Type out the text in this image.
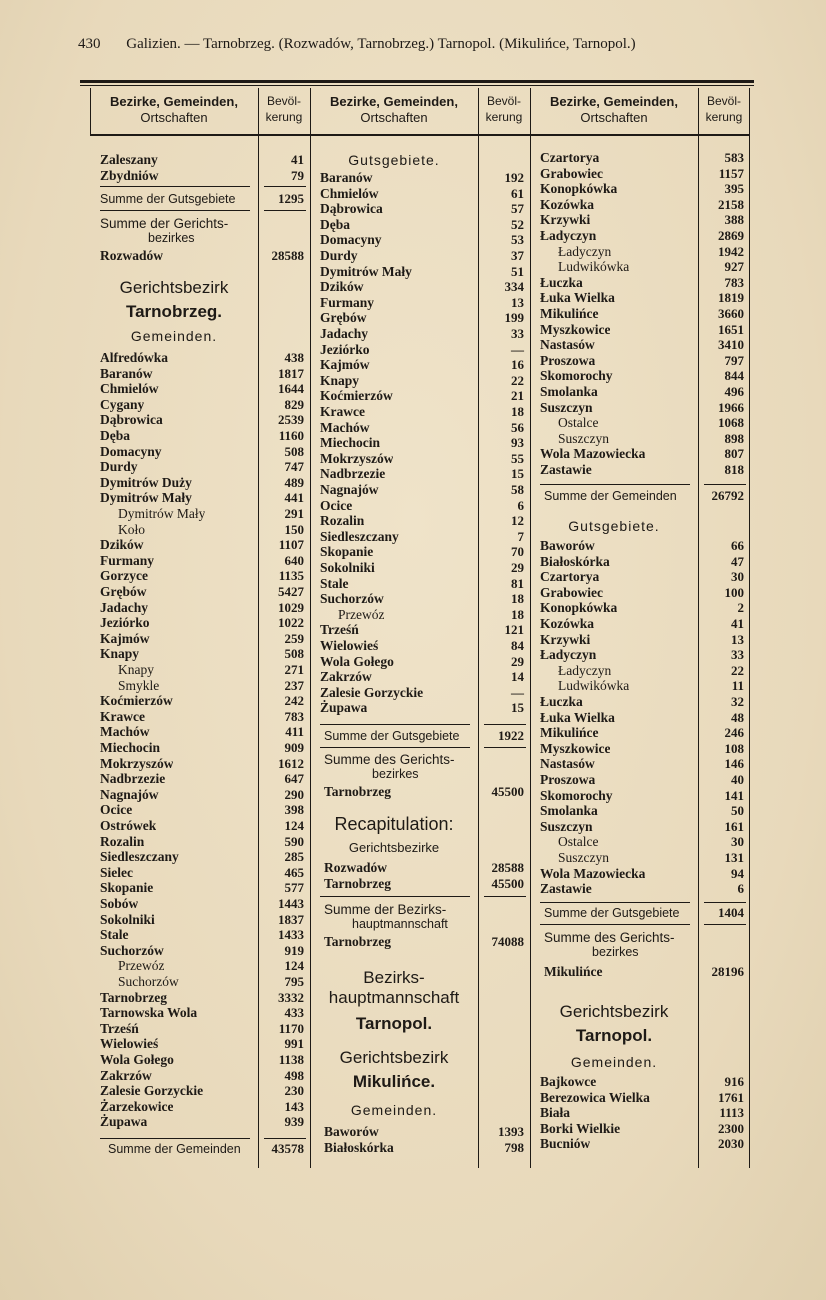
430 Galizien. — Tarnobrzeg. (Rozwadów, Tarnobrzeg.) Tarnopol. (Mikulińce, Tarnopol.)
Bezirke, Gemeinden,
Ortschaften
Bevöl-
kerung
Bezirke, Gemeinden,
Ortschaften
Bevöl-
kerung
Bezirke, Gemeinden,
Ortschaften
Bevöl-
kerung
Zaleszany	41
Zbydniów	79
Summe der Gutsgebiete	1295
Summe der Gerichts-
bezirkes
Rozwadów	28588
Gerichtsbezirk
Tarnobrzeg.
Gemeinden.
Alfredówka	438
Baranów	1817
Chmielów	1644
Cygany	829
Dąbrowica	2539
Dęba	1160
Domacyny	508
Durdy	747
Dymitrów Duży	489
Dymitrów Mały	441
Dymitrów Mały	291
Koło	150
Dzików	1107
Furmany	640
Gorzyce	1135
Grębów	5427
Jadachy	1029
Jeziórko	1022
Kajmów	259
Knapy	508
Knapy	271
Smykle	237
Koćmierzów	242
Krawce	783
Machów	411
Miechocin	909
Mokrzyszów	1612
Nadbrzezie	647
Nagnajów	290
Ocice	398
Ostrówek	124
Rozalin	590
Siedleszczany	285
Sielec	465
Skopanie	577
Sobów	1443
Sokolniki	1837
Stale	1433
Suchorzów	919
Przewóz	124
Suchorzów	795
Tarnobrzeg	3332
Tarnowska Wola	433
Trześń	1170
Wielowieś	991
Wola Gołego	1138
Zakrzów	498
Zalesie Gorzyckie	230
Żarzekowice	143
Żupawa	939
Summe der Gemeinden	43578
Gutsgebiete.
Baranów	192
Chmielów	61
Dąbrowica	57
Dęba	52
Domacyny	53
Durdy	37
Dymitrów Mały	51
Dzików	334
Furmany	13
Grębów	199
Jadachy	33
Jeziórko	—
Kajmów	16
Knapy	22
Koćmierzów	21
Krawce	18
Machów	56
Miechocin	93
Mokrzyszów	55
Nadbrzezie	15
Nagnajów	58
Ocice	6
Rozalin	12
Siedleszczany	7
Skopanie	70
Sokolniki	29
Stale	81
Suchorzów	18
Przewóz	18
Trześń	121
Wielowieś	84
Wola Gołego	29
Zakrzów	14
Zalesie Gorzyckie	—
Żupawa	15
Summe der Gutsgebiete	1922
Summe des Gerichts-
bezirkes
Tarnobrzeg	45500
Recapitulation:
Gerichtsbezirke
Rozwadów	28588
Tarnobrzeg	45500
Summe der Bezirks-
hauptmannschaft
Tarnobrzeg	74088
Bezirks-
hauptmannschaft
Tarnopol.
Gerichtsbezirk
Mikulińce.
Gemeinden.
Baworów	1393
Białoskórka	798
Czartorya	583
Grabowiec	1157
Konopkówka	395
Kozówka	2158
Krzywki	388
Ładyczyn	2869
Ładyczyn	1942
Ludwikówka	927
Łuczka	783
Łuka Wielka	1819
Mikulińce	3660
Myszkowice	1651
Nastasów	3410
Proszowa	797
Skomorochy	844
Smolanka	496
Suszczyn	1966
Ostalce	1068
Suszczyn	898
Wola Mazowiecka	807
Zastawie	818
Summe der Gemeinden	26792
Gutsgebiete.
Baworów	66
Białoskórka	47
Czartorya	30
Grabowiec	100
Konopkówka	2
Kozówka	41
Krzywki	13
Ładyczyn	33
Ładyczyn	22
Ludwikówka	11
Łuczka	32
Łuka Wielka	48
Mikulińce	246
Myszkowice	108
Nastasów	146
Proszowa	40
Skomorochy	141
Smolanka	50
Suszczyn	161
Ostalce	30
Suszczyn	131
Wola Mazowiecka	94
Zastawie	6
Summe der Gutsgebiete	1404
Summe des Gerichts-
bezirkes
Mikulińce	28196
Gerichtsbezirk
Tarnopol.
Gemeinden.
Bajkowce	916
Berezowica Wielka	1761
Biała	1113
Borki Wielkie	2300
Bucniów	2030
